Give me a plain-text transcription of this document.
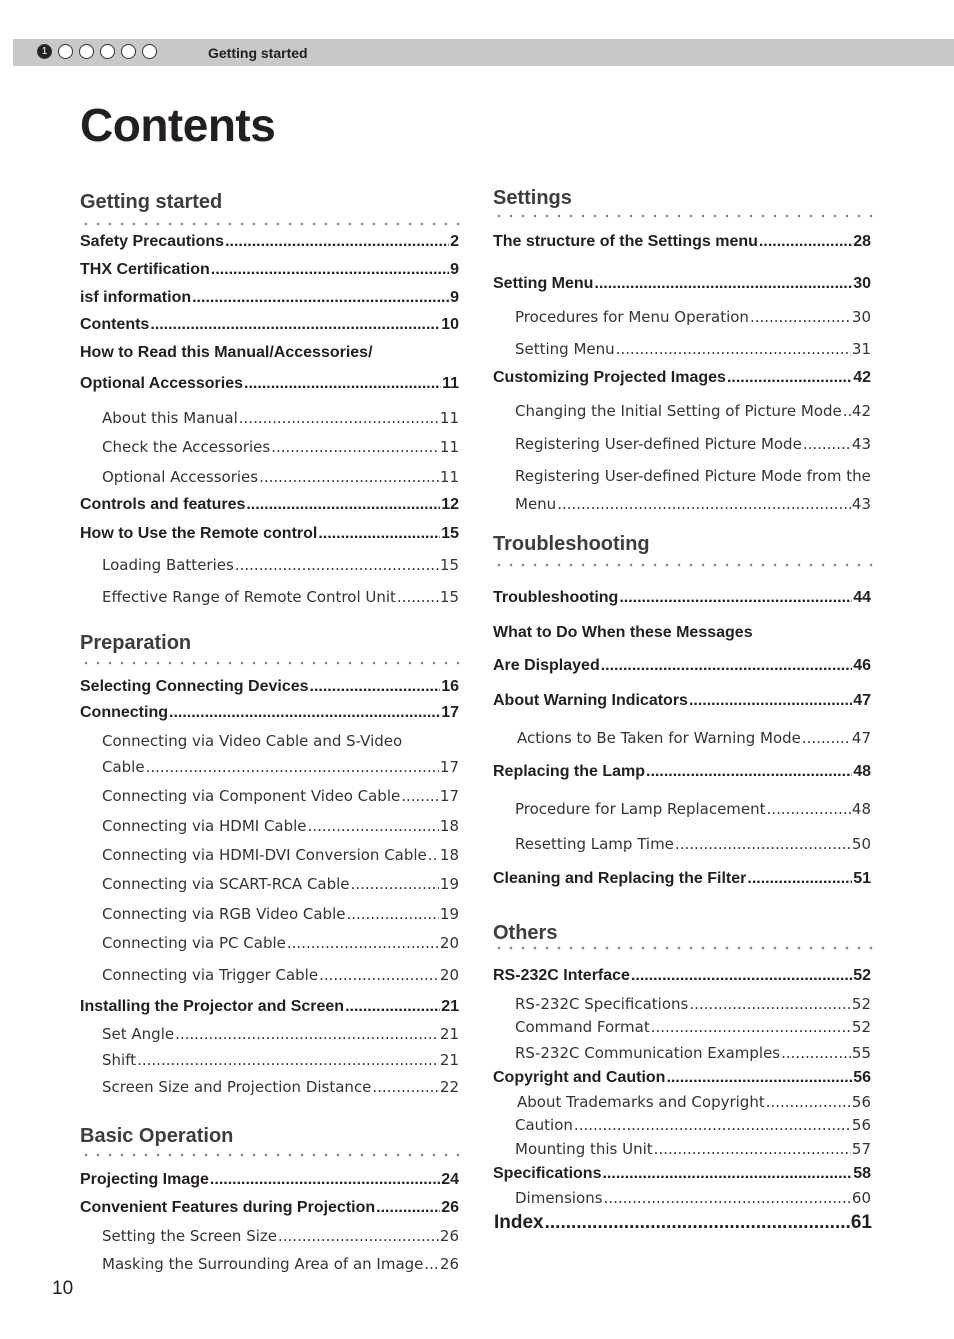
1	Getting started
Contents
Getting started
Safety Precautions .....	2
THX Certification .....	9
isf information .....	9
Contents .....	10
How to Read this Manual/Accessories/
Optional Accessories .....	11
About this Manual .....	11
Check the Accessories .....	11
Optional Accessories .....	11
Controls and features .....	12
How to Use the Remote control .....	15
Loading Batteries .....	15
Effective Range of Remote Control Unit .....	15
Preparation
Selecting Connecting Devices .....	16
Connecting .....	17
Connecting via Video Cable and S-Video
Cable .....	17
Connecting via Component Video Cable .....	17
Connecting via HDMI Cable .....	18
Connecting via HDMI-DVI Conversion Cable ..... 18
Connecting via SCART-RCA Cable .....	19
Connecting via RGB Video Cable .....	19
Connecting via PC Cable .....	20
Connecting via Trigger Cable .....	20
Installing the Projector and Screen .....	21
Set Angle .....	21
Shift .....	21
Screen Size and Projection Distance .....	22
Basic Operation
Projecting Image .....	24
Convenient Features during Projection .....	26
Setting the Screen Size .....	26
Masking the Surrounding Area of an Image ..... 26
Settings
The structure of the Settings menu .....	28
Setting Menu .....	30
Procedures for Menu Operation .....	30
Setting Menu .....	31
Customizing Projected Images .....	42
Changing the Initial Setting of Picture Mode ..... 42
Registering User-defined Picture Mode .....	43
Registering User-defined Picture Mode from the
Menu .....	43
Troubleshooting
Troubleshooting .....	44
What to Do When these Messages
Are Displayed .....	46
About Warning Indicators .....	47
Actions to Be Taken for Warning Mode .....	47
Replacing the Lamp .....	48
Procedure for Lamp Replacement .....	48
Resetting Lamp Time .....	50
Cleaning and Replacing the Filter .....	51
Others
RS-232C Interface .....	52
RS-232C Specifications .....	52
Command Format .....	52
RS-232C Communication Examples .....	55
Copyright and Caution .....	56
About Trademarks and Copyright .....	56
Caution .....	56
Mounting this Unit .....	57
Specifications .....	58
Dimensions .....	60
Index .....	61
10
